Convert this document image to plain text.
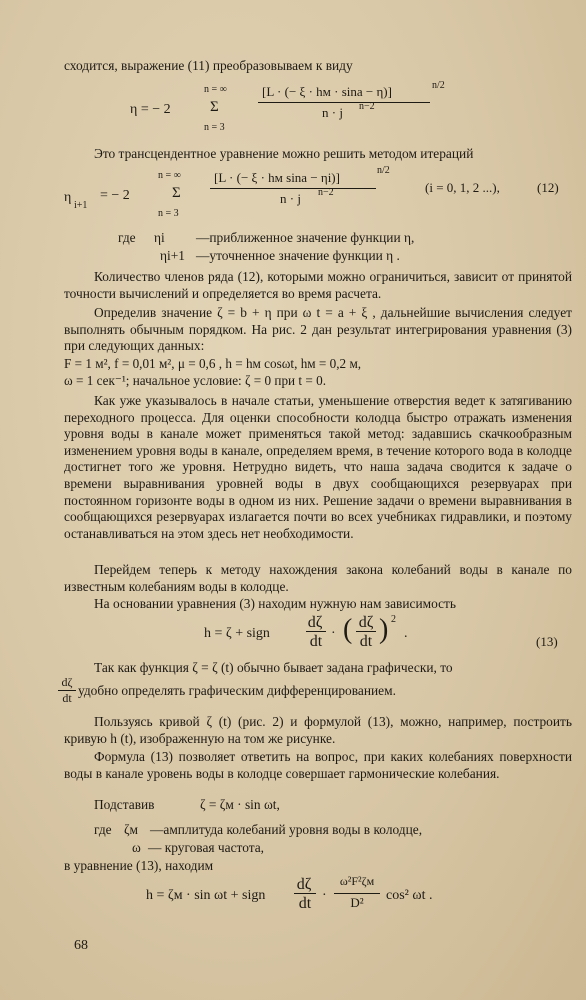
сходится, выражение (11) преобразовываем к виду

η = − 2
n = ∞
Σ
n = 3
[L · (− ξ · hм · sina − η)]	n/2
n · j n−2

Это трансцендентное уравнение можно решить методом итераций

η
i+1
= − 2
n = ∞
Σ
n = 3
[L · (− ξ · hм sina − ηi)]	n/2
n · j n−2	(i = 0, 1, 2 ...),	(12)
где ηi —приближенное значение функции η,
ηi+1 —уточненное значение функции η .

Количество членов ряда (12), которыми можно ограничиться, зависит от принятой точности вычислений и определяется во время расчета.

Определив значение ζ = b + η при ω t = a + ξ , дальнейшие вычисления следует выполнять обычным порядком. На рис. 2 дан результат интегрирования уравнения (3) при следующих данных:

F = 1 м², f = 0,01 м², μ = 0,6 , h = hм cosωt, hм = 0,2 м,

ω = 1 сек⁻¹; начальное условие: ζ = 0 при t = 0.

Как уже указывалось в начале статьи, уменьшение отверстия ведет к затягиванию переходного процесса. Для оценки способности колодца быстро отражать изменения уровня воды в канале может применяться такой метод: задавшись скачкообразным изменением уровня воды в канале, определяем время, в течение которого вода в колодце достигнет того же уровня. Нетрудно видеть, что наша задача сводится к задаче о времени выравнивания уровней воды в двух сообщающихся резервуарах при постоянном горизонте воды в одном из них. Решение задачи о времени выравнивания в сообщающихся резервуарах излагается почти во всех учебниках гидравлики, и поэтому останавливаться на этом здесь нет необходимости.

Перейдем теперь к методу нахождения закона колебаний воды в канале по известным колебаниям воды в колодце.

На основании уравнения (3) находим нужную нам зависимость

h = ζ + sign
dζ
dt · ( dζ
dt ) 2
.
(13)

Так как функция ζ = ζ (t) обычно бывает задана графически, то

dζ
dt удобно определять графическим дифференцированием.

Пользуясь кривой ζ (t) (рис. 2) и формулой (13), можно, например, построить кривую h (t), изображенную на том же рисунке.

Формула (13) позволяет ответить на вопрос, при каких колебаниях поверхности воды в канале уровень воды в колодце совершает гармонические колебания.

Подставив	ζ = ζм · sin ωt,
где ζм —амплитуда колебаний уровня воды в колодце,
ω — круговая частота,

в уравнение (13), находим

h = ζм · sin ωt + sign
dζ
dt ·
ω²F²ζм
D²	cos² ωt .
68
